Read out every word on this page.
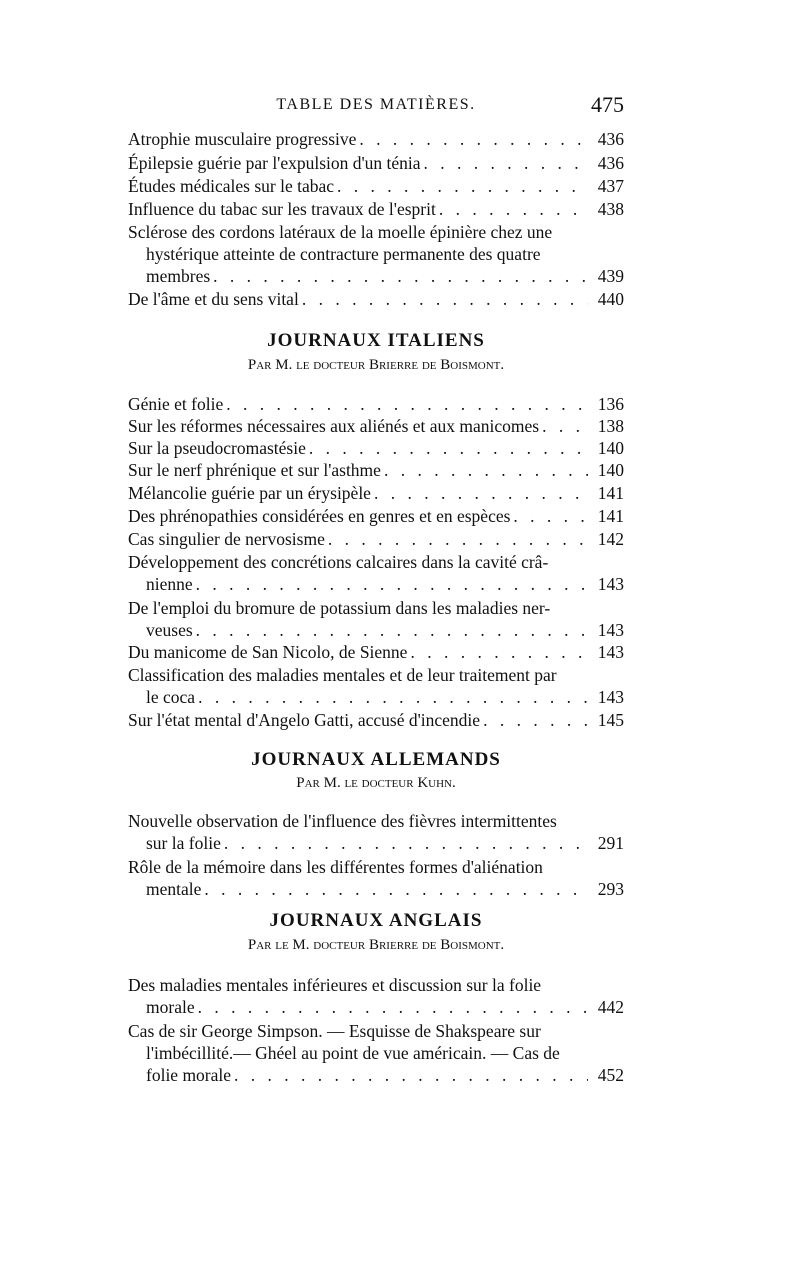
TABLE DES MATIÈRES.	475
Atrophie musculaire progressive . . .	436
Épilepsie guérie par l'expulsion d'un ténia . . .	436
Études médicales sur le tabac . . .	437
Influence du tabac sur les travaux de l'esprit . . .	438
Sclérose des cordons latéraux de la moelle épinière chez une
hystérique atteinte de contracture permanente des quatre
membres . . .	439
De l'âme et du sens vital . . .	440
JOURNAUX ITALIENS
Par M. le docteur Brierre de Boismont.
Génie et folie . . .	136
Sur les réformes nécessaires aux aliénés et aux manicomes . . .	138
Sur la pseudocromastésie . . .	140
Sur le nerf phrénique et sur l'asthme . . .	140
Mélancolie guérie par un érysipèle . . .	141
Des phrénopathies considérées en genres et en espèces . . .	141
Cas singulier de nervosisme . . .	142
Développement des concrétions calcaires dans la cavité crâ-
nienne . . .	143
De l'emploi du bromure de potassium dans les maladies ner-
veuses . . .	143
Du manicome de San Nicolo, de Sienne . . .	143
Classification des maladies mentales et de leur traitement par
le coca . . .	143
Sur l'état mental d'Angelo Gatti, accusé d'incendie . . .	145
JOURNAUX ALLEMANDS
Par M. le docteur Kuhn.
Nouvelle observation de l'influence des fièvres intermittentes
sur la folie . . .	291
Rôle de la mémoire dans les différentes formes d'aliénation
mentale . . .	293
JOURNAUX ANGLAIS
Par le M. docteur Brierre de Boismont.
Des maladies mentales inférieures et discussion sur la folie
morale . . .	442
Cas de sir George Simpson. — Esquisse de Shakspeare sur
l'imbécillité.— Ghéel au point de vue américain. — Cas de
folie morale . . .	452
